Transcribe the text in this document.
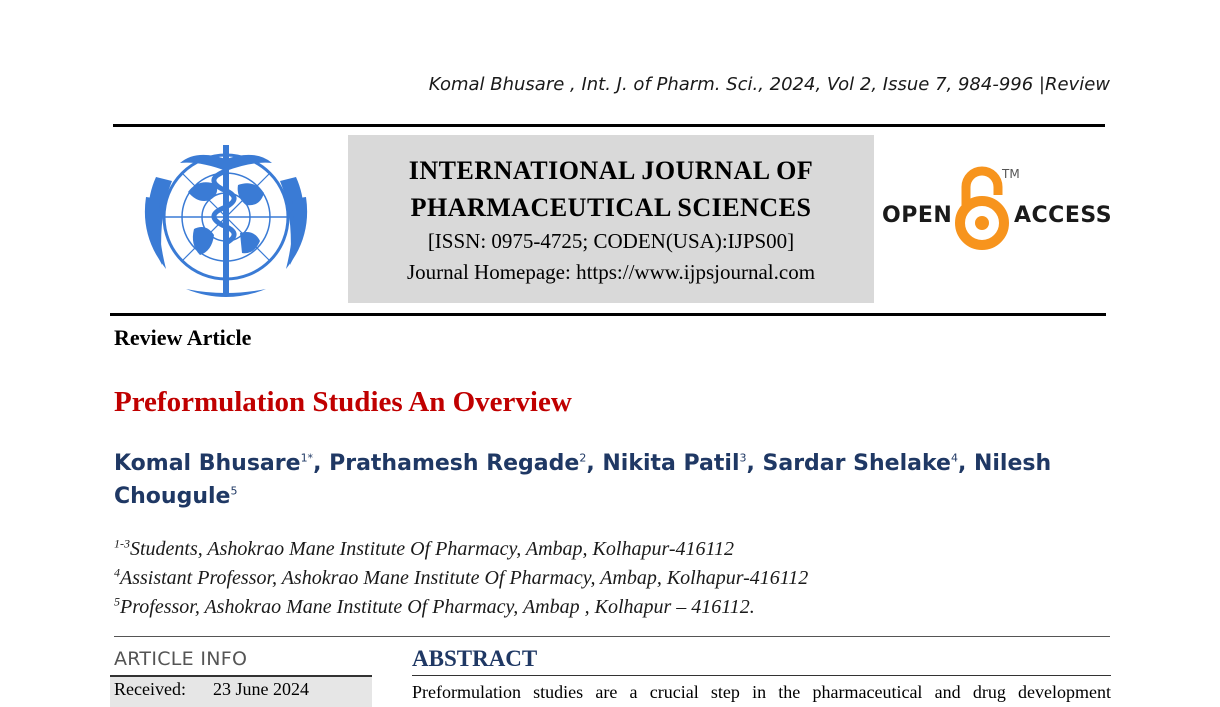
Komal Bhusare , Int. J. of Pharm. Sci., 2024, Vol 2, Issue 7, 984-996 |Review
INTERNATIONAL JOURNAL OF
PHARMACEUTICAL SCIENCES
[ISSN: 0975-4725; CODEN(USA):IJPS00]
Journal Homepage: https://www.ijpsjournal.com
OPEN
TM
ACCESS
Review Article
Preformulation Studies An Overview
Komal Bhusare$^{1*}$, Prathamesh Regade$^2$, Nikita Patil$^3$, Sardar Shelake$^4$, Nilesh Chougule$^5$
$^{1-3}$Students, Ashokrao Mane Institute Of Pharmacy, Ambap, Kolhapur-416112
$^4$Assistant Professor, Ashokrao Mane Institute Of Pharmacy, Ambap, Kolhapur-416112
$^5$Professor, Ashokrao Mane Institute Of Pharmacy, Ambap , Kolhapur – 416112.
ARTICLE INFO
Received: 23 June 2024
ABSTRACT
Preformulation studies are a crucial step in the pharmaceutical and drug development
